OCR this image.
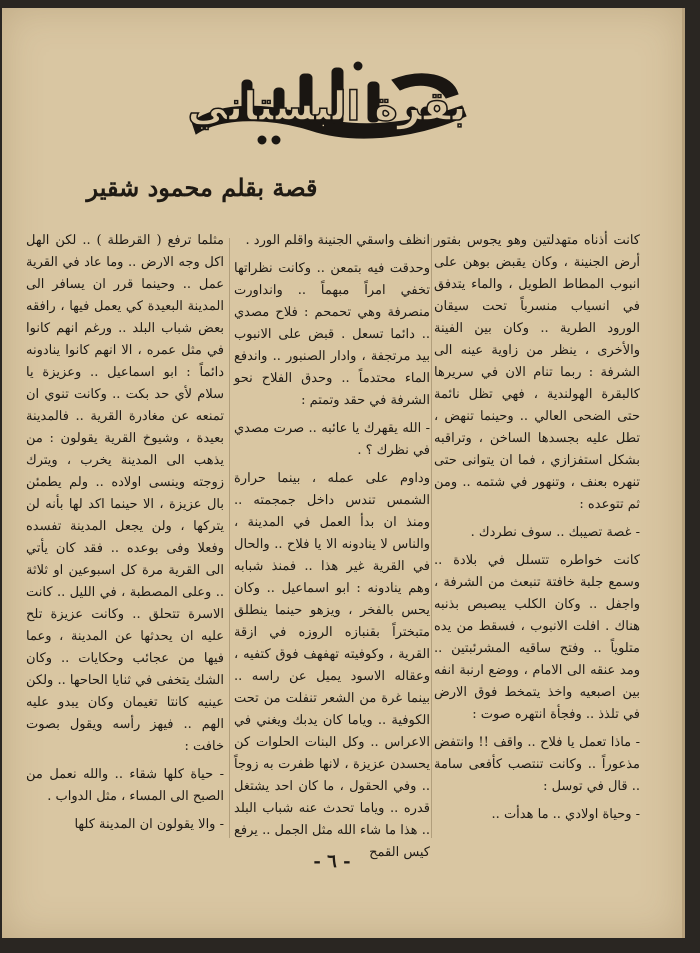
بقرة البستاني
قصة بقلم محمود شقير

كانت أذناه متهدلتين وهو يجوس بفتور أرض الجنينة ، وكان يقبض بوهن على انبوب المطاط الطويل ، والماء يتدفق في انسياب منسرباً تحت سيقان الورود الطرية .. وكان بين الفينة والأخرى ، ينظر من زاوية عينه الى الشرفة : ربما تنام الان في سريرها كالبقرة الهولندية ، فهي تظل نائمة حتى الضحى العالي .. وحينما تنهض ، تطل عليه بجسدها الساخن ، وتراقبه بشكل استفزازي ، فما ان يتوانى حتى تنهره بعنف ، وتنهور في شتمه .. ومن ثم تتوعده :

- غصة تصيبك .. سوف نطردك .

كانت خواطره تتسلل في بلادة .. وسمع جلبة خافتة تنبعث من الشرفة ، واجفل .. وكان الكلب يبصبص بذنبه هناك . افلت الانبوب ، فسقط من يده متلوياً .. وفتح ساقيه المشرئبتين .. ومد عنقه الى الامام ، ووضع ارنبة انفه بين اصبعيه واخذ يتمخط فوق الارض في تلذذ .. وفجأة انتهره صوت :

- ماذا تعمل يا فلاح .. واقف !! وانتفض مذعوراً .. وكانت تنتصب كأفعى سامة .. قال في توسل :

- وحياة اولادي .. ما هدأت ..

انظف واسقي الجنينة واقلم الورد .

وحدقت فيه بتمعن .. وكانت نظراتها تخفي امراً مبهماً .. وانداورت منصرفة وهي تحمحم : فلاح مصدي .. دائما تسعل . قبض على الانبوب بيد مرتجفة ، وادار الصنبور .. واندفع الماء محتدماً .. وحدق الفلاح نحو الشرفة في حقد وتمتم :

- الله يقهرك يا عائبه .. صرت مصدي في نظرك ؟ .

وداوم على عمله ، بينما حرارة الشمس تندس داخل جمجمته .. ومنذ ان بدأ العمل في المدينة ، والناس لا ينادونه الا يا فلاح .. والحال في القرية غير هذا .. فمنذ شبابه وهم ينادونه : ابو اسماعيل .. وكان يحس بالفخر ، ويزهو حينما ينطلق متبختراً بقنبازه الروزه في ازقة القرية ، وكوفيته تهفهف فوق كتفيه ، وعقاله الاسود يميل عن راسه .. بينما غرة من الشعر تنفلت من تحت الكوفية .. وياما كان يدبك ويغني في الاعراس .. وكل البنات الحلوات كن يحسدن عزيزة ، لانها ظفرت به زوجاً .. وفي الحقول ، ما كان احد يشتغل قدره .. وياما تحدث عنه شباب البلد .. هذا ما شاء الله مثل الجمل .. يرفع كيس القمح

مثلما ترفع ( القرطلة ) .. لكن الهل اكل وجه الارض .. وما عاد في القرية عمل .. وحينما قرر ان يسافر الى المدينة البعيدة كي يعمل فيها ، رافقه بعض شباب البلد .. ورغم انهم كانوا في مثل عمره ، الا انهم كانوا ينادونه دائماً : ابو اسماعيل .. وعزيزة يا سلام لأي حد بكت .. وكانت تنوي ان تمنعه عن مغادرة القرية .. فالمدينة بعيدة ، وشيوخ القرية يقولون : من يذهب الى المدينة يخرب ، ويترك زوجته وينسى اولاده .. ولم يطمئن بال عزيزة ، الا حينما اكد لها بأنه لن يتركها ، ولن يجعل المدينة تفسده وفعلا وفى بوعده .. فقد كان يأتي الى القرية مرة كل اسبوعين او ثلاثة .. وعلى المصطبة ، في الليل .. كانت الاسرة تتحلق .. وكانت عزيزة تلح عليه ان يحدثها عن المدينة ، وعما فيها من عجائب وحكايات .. وكان الشك يتخفى في ثنايا الحاحها .. ولكن عينيه كانتا تغيمان وكان يبدو عليه الهم .. فيهز رأسه ويقول بصوت خافت :

- حياة كلها شقاء .. والله نعمل من الصبح الى المساء ، مثل الدواب .

- والا يقولون ان المدينة كلها

- ٦ -
